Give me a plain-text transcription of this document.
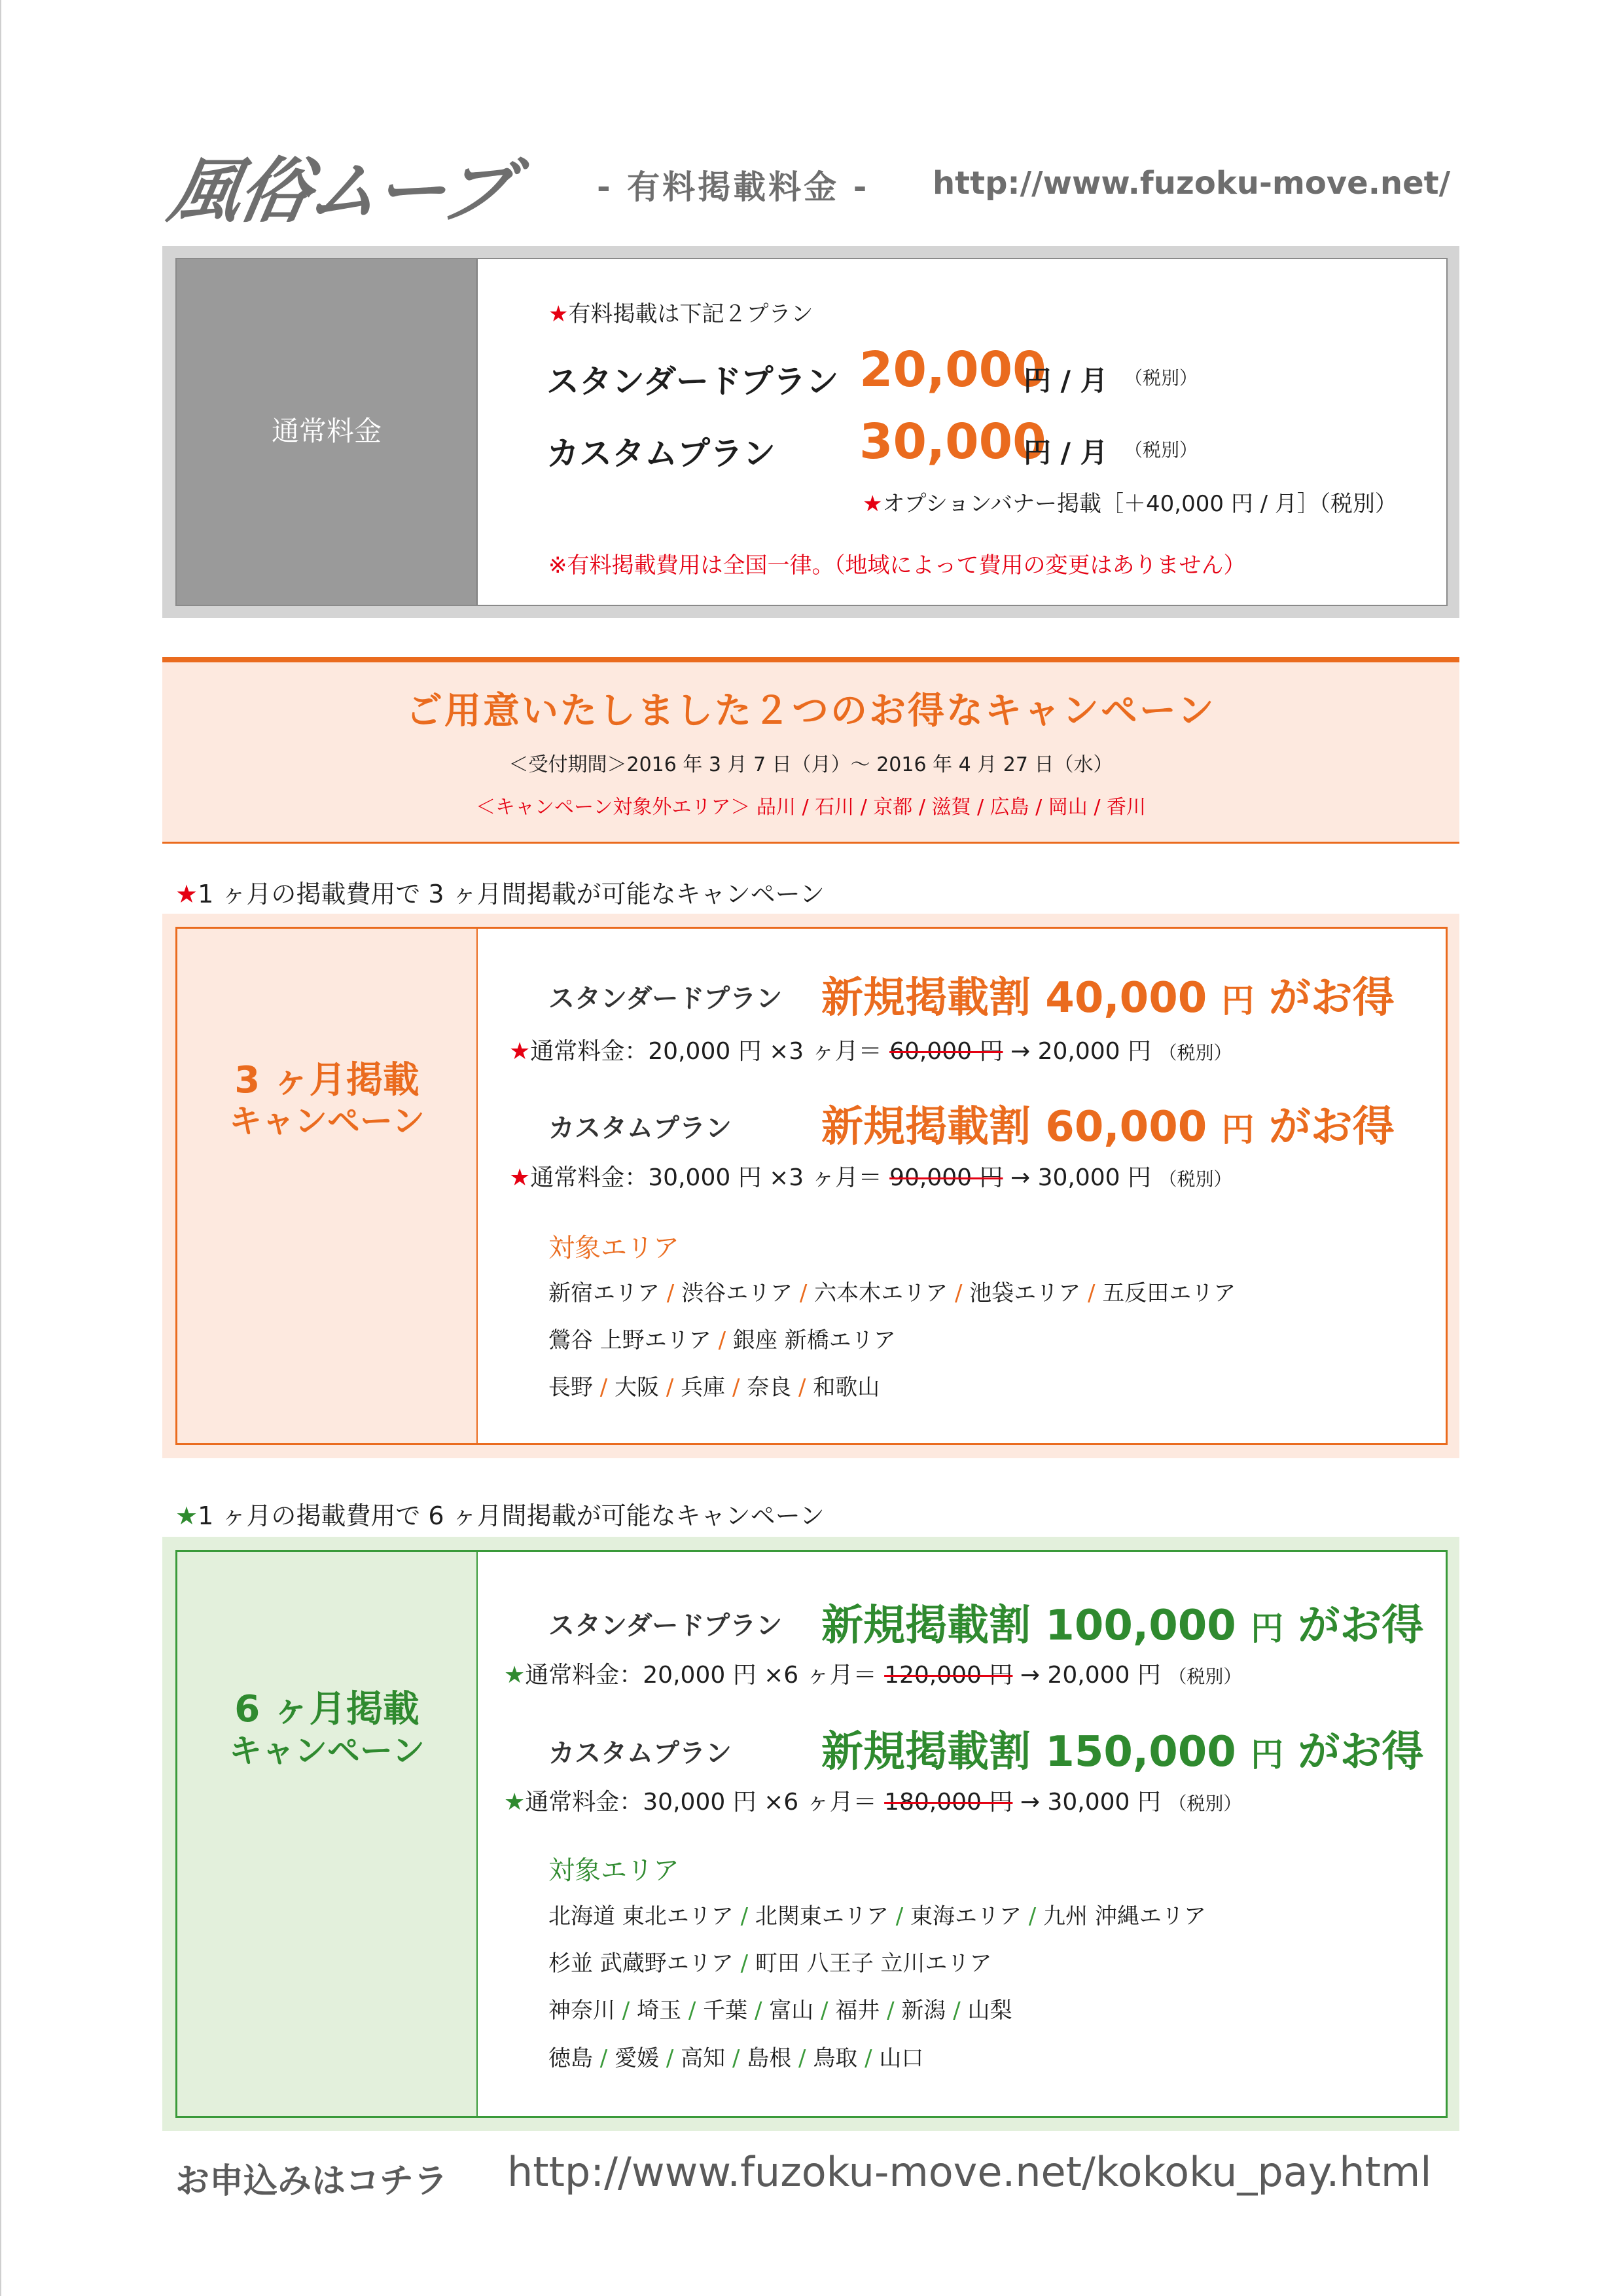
風俗ムーブ - 有料掲載料金 - http://www.fuzoku-move.net/
通常料金
★有料掲載は下記２プラン
スタンダードプラン 20,000
円 / 月 （税別）
カスタムプラン 30,000
円 / 月 （税別）
★オプションバナー掲載［＋40,000 円 / 月］（税別）
※有料掲載費用は全国一律。（地域によって費用の変更はありません）
ご用意いたしました２つのお得なキャンペーン
＜受付期間＞2016 年 3 月 7 日（月）～ 2016 年 4 月 27 日（水）
＜キャンペーン対象外エリア＞ 品川 / 石川 / 京都 / 滋賀 / 広島 / 岡山 / 香川
★1 ヶ月の掲載費用で 3 ヶ月間掲載が可能なキャンペーン
3 ヶ月掲載
キャンペーン
スタンダードプラン 新規掲載割 40,000 円 がお得
★通常料金：20,000 円 ×3 ヶ月＝ 60,000 円 → 20,000 円 （税別）
カスタムプラン 新規掲載割 60,000 円 がお得
★通常料金：30,000 円 ×3 ヶ月＝ 90,000 円 → 30,000 円 （税別）
対象エリア
新宿エリア / 渋谷エリア / 六本木エリア / 池袋エリア / 五反田エリア
鶯谷 上野エリア / 銀座 新橋エリア
長野 / 大阪 / 兵庫 / 奈良 / 和歌山
★1 ヶ月の掲載費用で 6 ヶ月間掲載が可能なキャンペーン
6 ヶ月掲載
キャンペーン
スタンダードプラン 新規掲載割 100,000 円 がお得
★通常料金：20,000 円 ×6 ヶ月＝ 120,000 円 → 20,000 円 （税別）
カスタムプラン 新規掲載割 150,000 円 がお得
★通常料金：30,000 円 ×6 ヶ月＝ 180,000 円 → 30,000 円 （税別）
対象エリア
北海道 東北エリア / 北関東エリア / 東海エリア / 九州 沖縄エリア
杉並 武蔵野エリア / 町田 八王子 立川エリア
神奈川 / 埼玉 / 千葉 / 富山 / 福井 / 新潟 / 山梨
徳島 / 愛媛 / 高知 / 島根 / 鳥取 / 山口
お申込みはコチラ http://www.fuzoku-move.net/kokoku_pay.html
